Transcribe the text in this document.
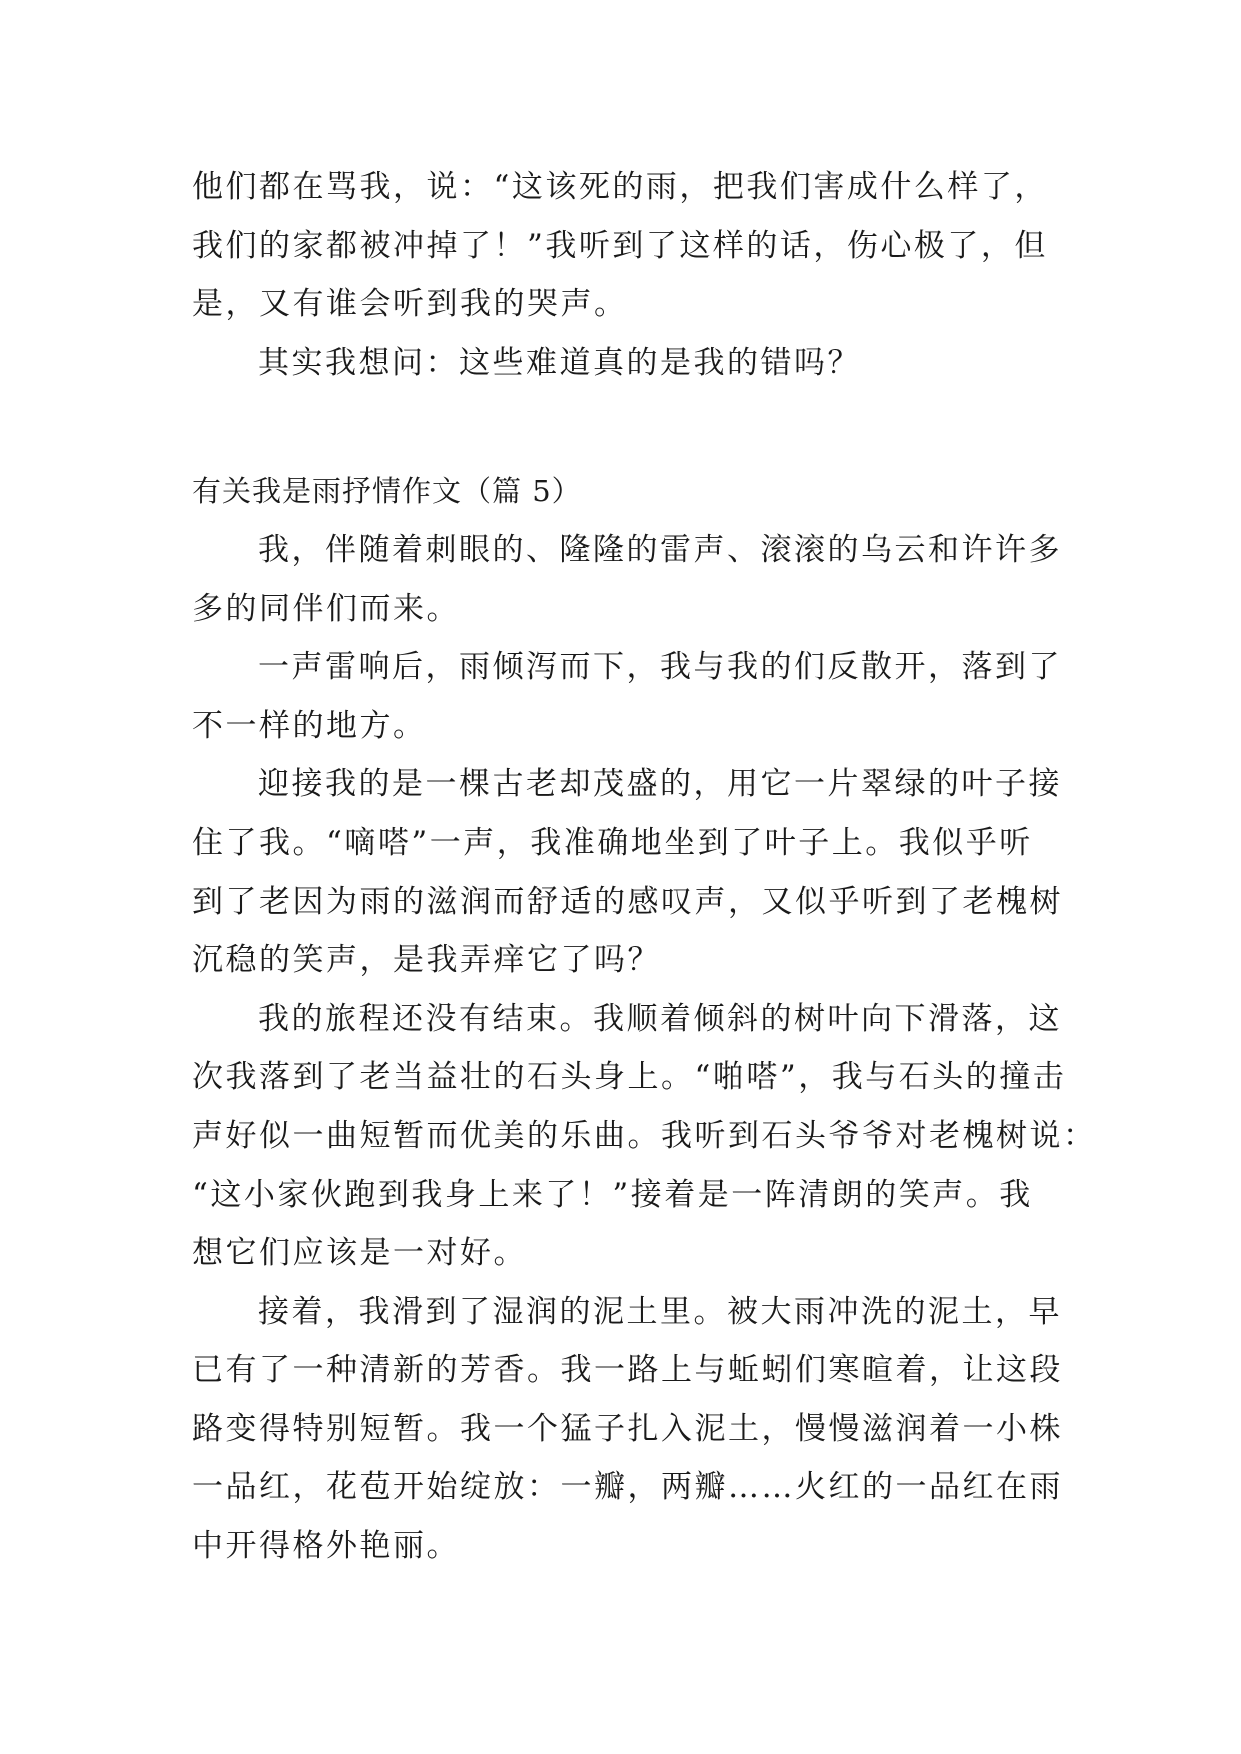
他们都在骂我，说：“这该死的雨，把我们害成什么样了，
我们的家都被冲掉了！”我听到了这样的话，伤心极了，但
是，又有谁会听到我的哭声。
其实我想问：这些难道真的是我的错吗？
有关我是雨抒情作文（篇 5）
我，伴随着刺眼的、隆隆的雷声、滚滚的乌云和许许多
多的同伴们而来。
一声雷响后，雨倾泻而下，我与我的们反散开，落到了
不一样的地方。
迎接我的是一棵古老却茂盛的，用它一片翠绿的叶子接
住了我。“嘀嗒”一声，我准确地坐到了叶子上。我似乎听
到了老因为雨的滋润而舒适的感叹声，又似乎听到了老槐树
沉稳的笑声，是我弄痒它了吗？
我的旅程还没有结束。我顺着倾斜的树叶向下滑落，这
次我落到了老当益壮的石头身上。“啪嗒”，我与石头的撞击
声好似一曲短暂而优美的乐曲。我听到石头爷爷对老槐树说：
“这小家伙跑到我身上来了！”接着是一阵清朗的笑声。我
想它们应该是一对好。
接着，我滑到了湿润的泥土里。被大雨冲洗的泥土，早
已有了一种清新的芳香。我一路上与蚯蚓们寒暄着，让这段
路变得特别短暂。我一个猛子扎入泥土，慢慢滋润着一小株
一品红，花苞开始绽放：一瓣，两瓣……火红的一品红在雨
中开得格外艳丽。
